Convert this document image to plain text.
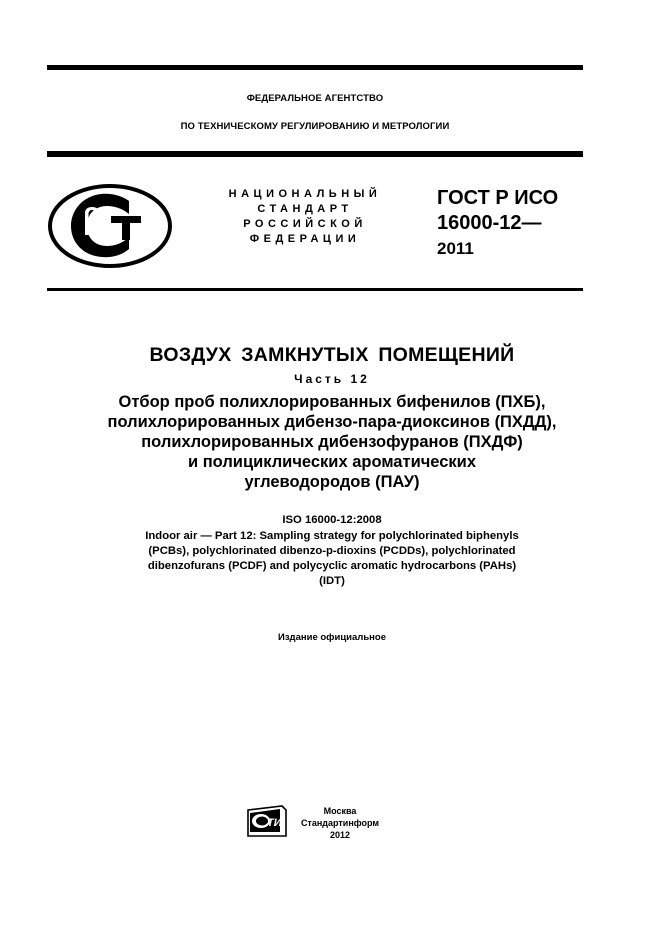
ФЕДЕРАЛЬНОЕ АГЕНТСТВО
ПО ТЕХНИЧЕСКОМУ РЕГУЛИРОВАНИЮ И МЕТРОЛОГИИ
НАЦИОНАЛЬНЫЙ
СТАНДАРТ
РОССИЙСКОЙ
ФЕДЕРАЦИИ
ГОСТ Р ИСО
16000-12—
2011
ВОЗДУХ ЗАМКНУТЫХ ПОМЕЩЕНИЙ
Часть 12
Отбор проб полихлорированных бифенилов (ПХБ),
полихлорированных дибензо-пара-диоксинов (ПХДД),
полихлорированных дибензофуранов (ПХДФ)
и полициклических ароматических
углеводородов (ПАУ)
ISO 16000-12:2008
Indoor air — Part 12: Sampling strategy for polychlorinated biphenyls
(PCBs), polychlorinated dibenzo-p-dioxins (PCDDs), polychlorinated
dibenzofurans (PCDF) and polycyclic aromatic hydrocarbons (PAHs)
(IDT)
Издание официальное
ТИ
Москва
Стандартинформ
2012
